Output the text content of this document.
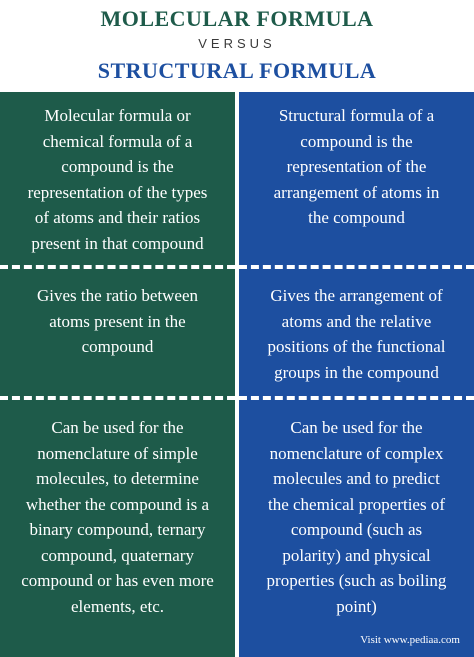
MOLECULAR FORMULA
VERSUS
STRUCTURAL FORMULA
Molecular formula or
chemical formula of a
compound is the
representation of the types
of atoms and their ratios
present in that compound
Structural formula of a
compound is the
representation of the
arrangement of atoms in
the compound
Gives the ratio between
atoms present in the
compound
Gives the arrangement of
atoms and the relative
positions of the functional
groups in the compound
Can be used for the
nomenclature of simple
molecules, to determine
whether the compound is a
binary compound, ternary
compound, quaternary
compound or has even more
elements, etc.
Can be used for the
nomenclature of complex
molecules and to predict
the chemical properties of
compound (such as
polarity) and physical
properties (such as boiling
point)
Visit www.pediaa.com
